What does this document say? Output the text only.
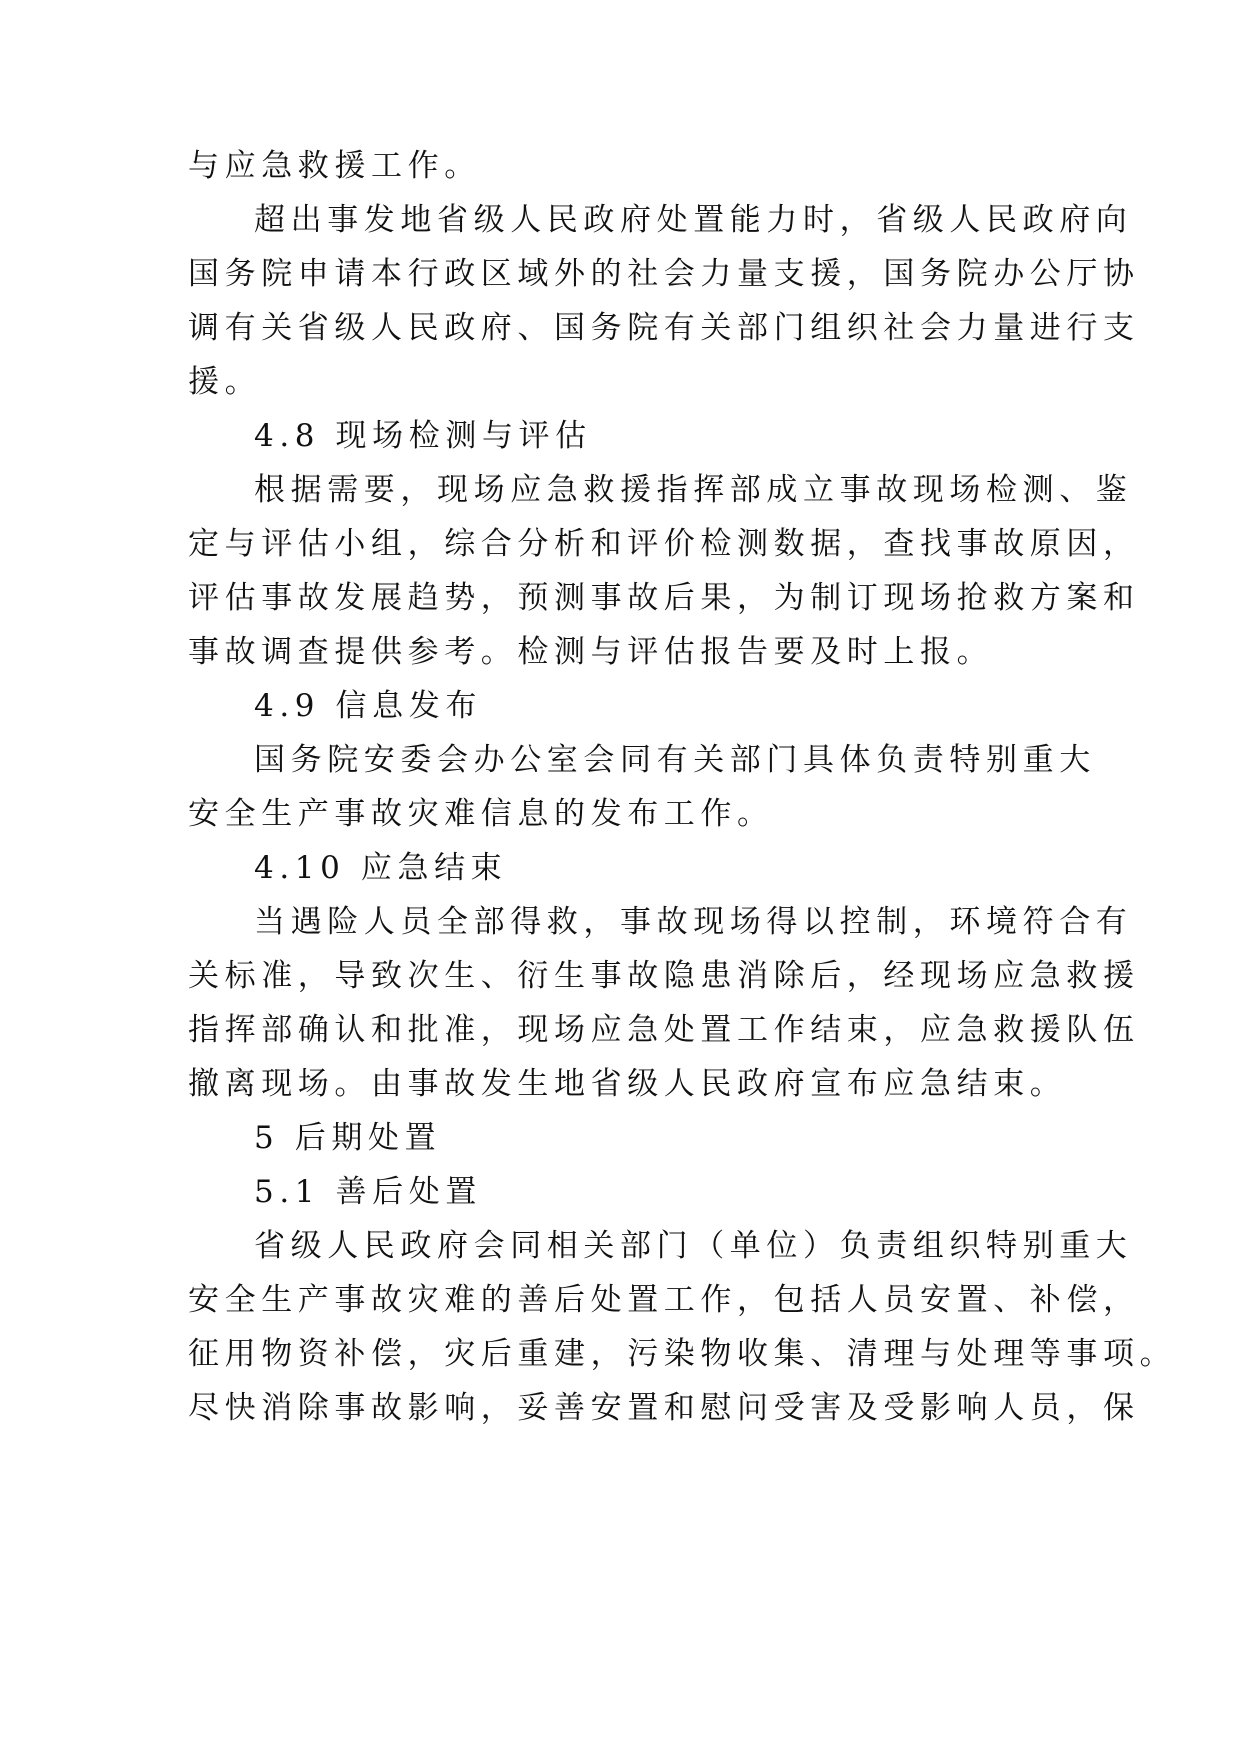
与应急救援工作。

超出事发地省级人民政府处置能力时，省级人民政府向

国务院申请本行政区域外的社会力量支援，国务院办公厅协

调有关省级人民政府、国务院有关部门组织社会力量进行支

援。

4.8 现场检测与评估

根据需要，现场应急救援指挥部成立事故现场检测、鉴

定与评估小组，综合分析和评价检测数据，查找事故原因，

评估事故发展趋势，预测事故后果，为制订现场抢救方案和

事故调查提供参考。检测与评估报告要及时上报。

4.9 信息发布

国务院安委会办公室会同有关部门具体负责特别重大

安全生产事故灾难信息的发布工作。

4.10 应急结束

当遇险人员全部得救，事故现场得以控制，环境符合有

关标准，导致次生、衍生事故隐患消除后，经现场应急救援

指挥部确认和批准，现场应急处置工作结束，应急救援队伍

撤离现场。由事故发生地省级人民政府宣布应急结束。

5 后期处置

5.1 善后处置

省级人民政府会同相关部门（单位）负责组织特别重大

安全生产事故灾难的善后处置工作，包括人员安置、补偿，

征用物资补偿，灾后重建，污染物收集、清理与处理等事项。

尽快消除事故影响，妥善安置和慰问受害及受影响人员，保
